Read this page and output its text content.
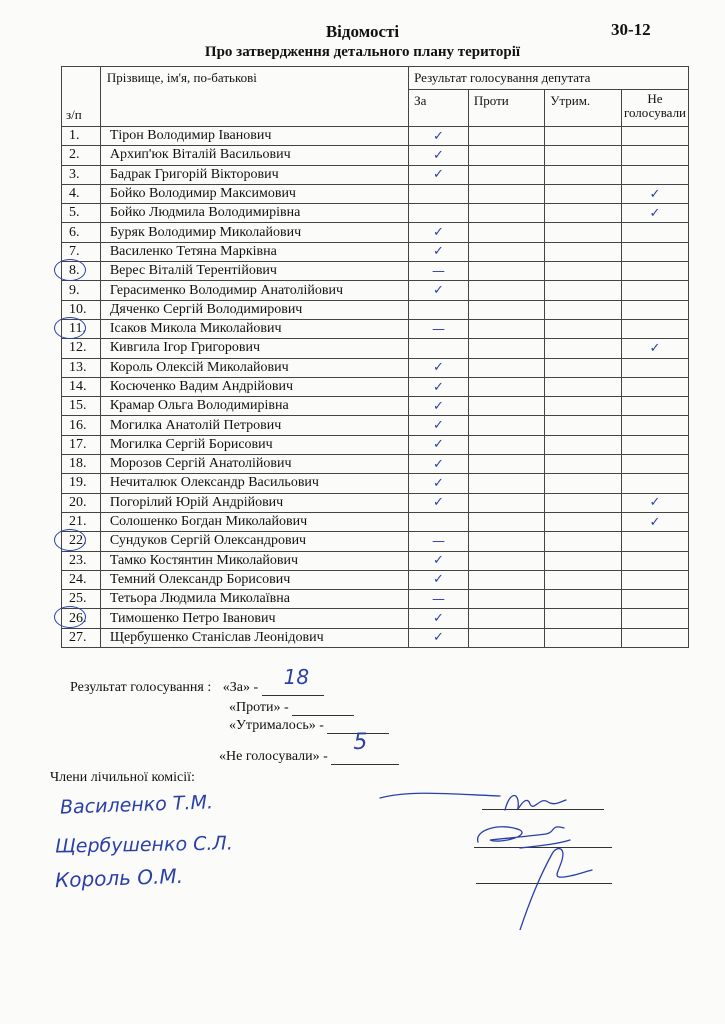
Відомості	30-12
Про затвердження детального плану території
з/п	Прізвище, ім'я, по-батькові	Результат голосування депутата			
		За	Проти	Утрим.	Не голосували
1.	Тірон Володимир Іванович	✓			
2.	Архип'юк Віталій Васильович	✓			
3.	Бадрак Григорій Вікторович	✓			
4.	Бойко Володимир Максимович				✓
5.	Бойко Людмила Володимирівна				✓
6.	Буряк Володимир Миколайович	✓			
7.	Василенко Тетяна Марківна	✓			
8.	Верес Віталій Терентійович	—			
9.	Герасименко Володимир Анатолійович	✓			
10.	Дяченко Сергій Володимирович				
11.	Ісаков Микола Миколайович	—			
12.	Кивгила Ігор Григорович				✓
13.	Король Олексій Миколайович	✓			
14.	Косюченко Вадим Андрійович	✓			
15.	Крамар Ольга Володимирівна	✓			
16.	Могилка Анатолій Петрович	✓			
17.	Могилка Сергій Борисович	✓			
18.	Морозов Сергій Анатолійович	✓			
19.	Нечиталюк Олександр Васильович	✓			
20.	Погорілий Юрій Андрійович	✓			✓
21.	Солошенко Богдан Миколайович				✓
22.	Сундуков Сергій Олександрович	—			
23.	Тамко Костянтин Миколайович	✓			
24.	Темний Олександр Борисович	✓			
25.	Тетьора Людмила Миколаївна	—			
26.	Тимошенко Петро Іванович	✓			
27.	Щербушенко Станіслав Леонідович	✓			
Результат голосування : «За» - 18
«Проти» -
«Утрималось» -
«Не голосували» -
5
Члени лічильної комісії:
Василенко Т.М.
Щербушенко С.Л.
Король О.М.
